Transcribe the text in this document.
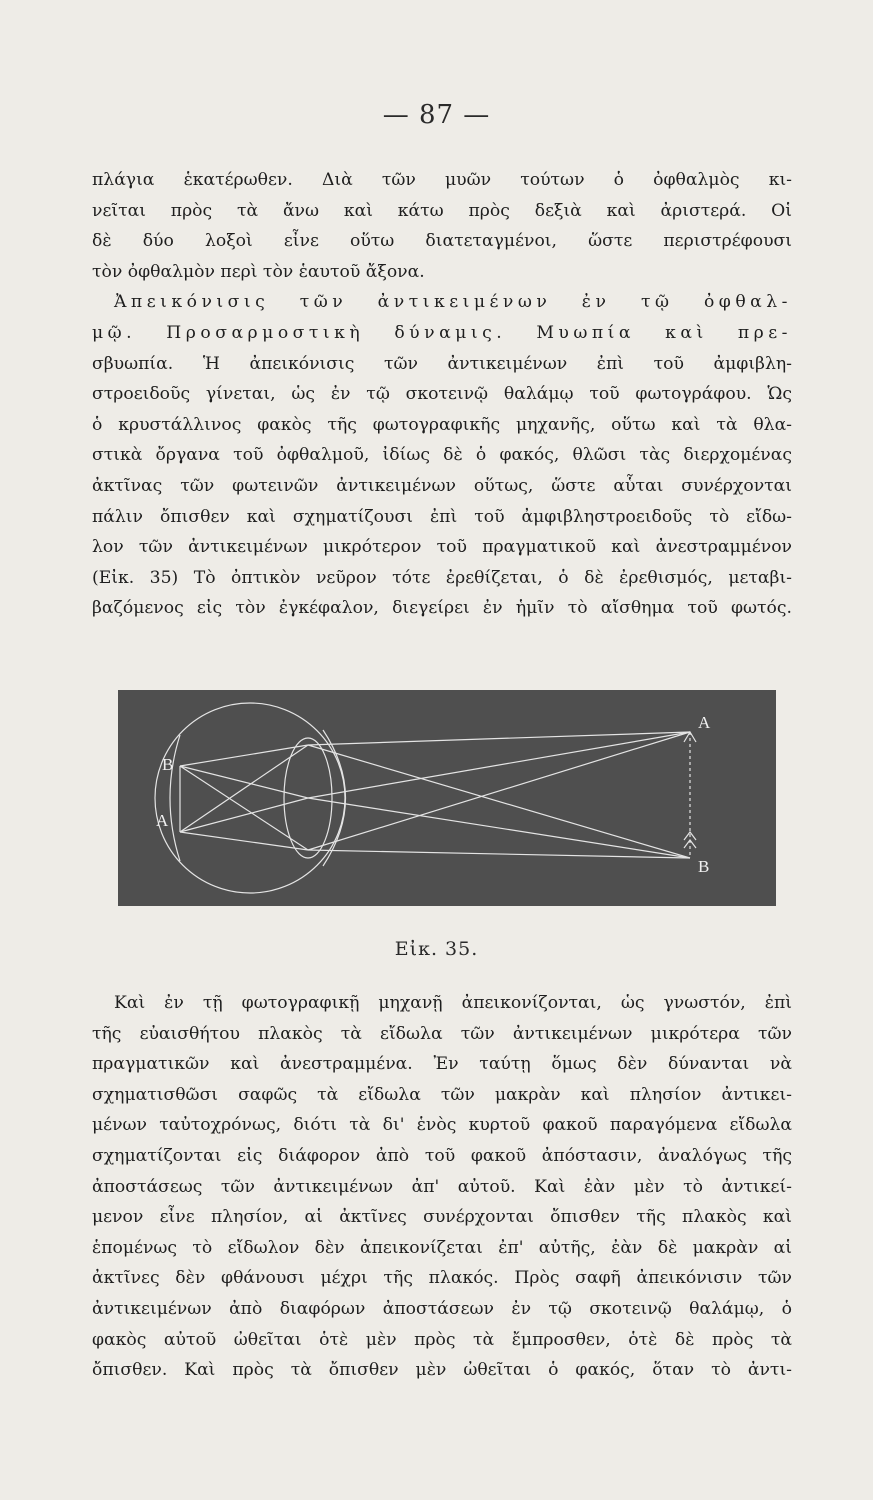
— 87 —

πλάγια ἑκατέρωθεν. Διὰ τῶν μυῶν τούτων ὁ ὀφθαλμὸς κι-
νεῖται πρὸς τὰ ἄνω καὶ κάτω πρὸς δεξιὰ καὶ ἀριστερά. Οἱ
δὲ δύο λοξοὶ εἶνε οὕτω διατεταγμένοι, ὥστε περιστρέφουσι
τὸν ὀφθαλμὸν περὶ τὸν ἑαυτοῦ ἄξονα.
Ἀπεικόνισις τῶν ἀντικειμένων ἐν τῷ ὀφθαλ-
μῷ. Προσαρμοστικὴ δύναμις. Μυωπία καὶ πρε-
σβυωπία. Ἡ ἀπεικόνισις τῶν ἀντικειμένων ἐπὶ τοῦ ἀμφιβλη-
στροειδοῦς γίνεται, ὡς ἐν τῷ σκοτεινῷ θαλάμῳ τοῦ φωτογράφου. Ὡς
ὁ κρυστάλλινος φακὸς τῆς φωτογραφικῆς μηχανῆς, οὕτω καὶ τὰ θλα-
στικὰ ὄργανα τοῦ ὀφθαλμοῦ, ἰδίως δὲ ὁ φακός, θλῶσι τὰς διερχομένας
ἀκτῖνας τῶν φωτεινῶν ἀντικειμένων οὕτως, ὥστε αὗται συνέρχονται
πάλιν ὄπισθεν καὶ σχηματίζουσι ἐπὶ τοῦ ἀμφιβληστροειδοῦς τὸ εἴδω-
λον τῶν ἀντικειμένων μικρότερον τοῦ πραγματικοῦ καὶ ἀνεστραμμένον
(Εἰκ. 35) Τὸ ὀπτικὸν νεῦρον τότε ἐρεθίζεται, ὁ δὲ ἐρεθισμός, μεταβι-
βαζόμενος εἰς τὸν ἐγκέφαλον, διεγείρει ἐν ἡμῖν τὸ αἴσθημα τοῦ φωτός.

A
B
B
A
Εἰκ. 35.

Καὶ ἐν τῇ φωτογραφικῇ μηχανῇ ἀπεικονίζονται, ὡς γνωστόν, ἐπὶ
τῆς εὐαισθήτου πλακὸς τὰ εἴδωλα τῶν ἀντικειμένων μικρότερα τῶν
πραγματικῶν καὶ ἀνεστραμμένα. Ἐν ταύτῃ ὅμως δὲν δύνανται νὰ
σχηματισθῶσι σαφῶς τὰ εἴδωλα τῶν μακρὰν καὶ πλησίον ἀντικει-
μένων ταὐτοχρόνως, διότι τὰ δι' ἑνὸς κυρτοῦ φακοῦ παραγόμενα εἴδωλα
σχηματίζονται εἰς διάφορον ἀπὸ τοῦ φακοῦ ἀπόστασιν, ἀναλόγως τῆς
ἀποστάσεως τῶν ἀντικειμένων ἀπ' αὐτοῦ. Καὶ ἐὰν μὲν τὸ ἀντικεί-
μενον εἶνε πλησίον, αἱ ἀκτῖνες συνέρχονται ὄπισθεν τῆς πλακὸς καὶ
ἑπομένως τὸ εἴδωλον δὲν ἀπεικονίζεται ἐπ' αὐτῆς, ἐὰν δὲ μακρὰν αἱ
ἀκτῖνες δὲν φθάνουσι μέχρι τῆς πλακός. Πρὸς σαφῆ ἀπεικόνισιν τῶν
ἀντικειμένων ἀπὸ διαφόρων ἀποστάσεων ἐν τῷ σκοτεινῷ θαλάμῳ, ὁ
φακὸς αὐτοῦ ὠθεῖται ὁτὲ μὲν πρὸς τὰ ἔμπροσθεν, ὁτὲ δὲ πρὸς τὰ
ὄπισθεν. Καὶ πρὸς τὰ ὄπισθεν μὲν ὠθεῖται ὁ φακός, ὅταν τὸ ἀντι-
